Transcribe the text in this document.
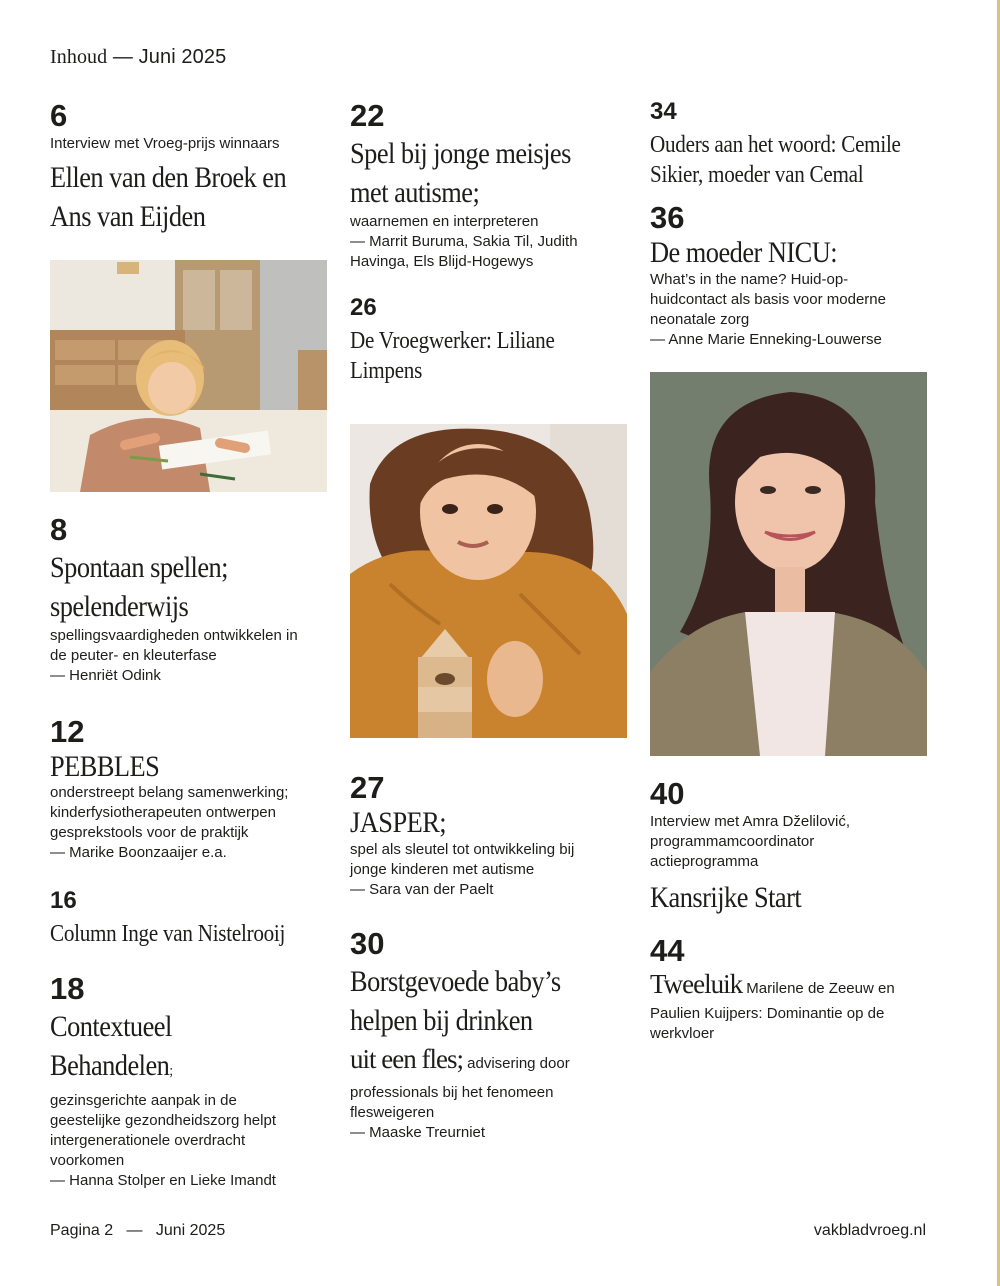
Inhoud — Juni 2025
6
Interview met Vroeg-prijs winnaars
Ellen van den Broek en
Ans van Eijden
8
Spontaan spellen;
spelenderwijs
spellingsvaardigheden ontwikkelen in
de peuter- en kleuterfase
— Henriët Odink
12
PEBBLES
onderstreept belang samenwerking;
kinderfysiotherapeuten ontwerpen
gesprekstools voor de praktijk
— Marike Boonzaaijer e.a.
16
Column Inge van Nistelrooij
18
Contextueel
Behandelen;
gezinsgerichte aanpak in de
geestelijke gezondheidszorg helpt
intergenerationele overdracht
voorkomen
— Hanna Stolper en Lieke Imandt
22
Spel bij jonge meisjes
met autisme;
waarnemen en interpreteren
— Marrit Buruma, Sakia Til, Judith
Havinga, Els Blijd-Hogewys
26
De Vroegwerker: Liliane
Limpens
27
JASPER;
spel als sleutel tot ontwikkeling bij
jonge kinderen met autisme
— Sara van der Paelt
30
Borstgevoede baby’s
helpen bij drinken
uit een fles; advisering door
professionals bij het fenomeen
flesweigeren
— Maaske Treurniet
34
Ouders aan het woord: Cemile
Sikier, moeder van Cemal
36
De moeder NICU:
What’s in the name? Huid-op-
huidcontact als basis voor moderne
neonatale zorg
— Anne Marie Enneking-Louwerse
40
Interview met Amra Dželilović,
programmamcoordinator
actieprogramma
Kansrijke Start
44
Tweeluik Marilene de Zeeuw en
Paulien Kuijpers: Dominantie op de
werkvloer
Pagina 2   —   Juni 2025	vakbladvroeg.nl
